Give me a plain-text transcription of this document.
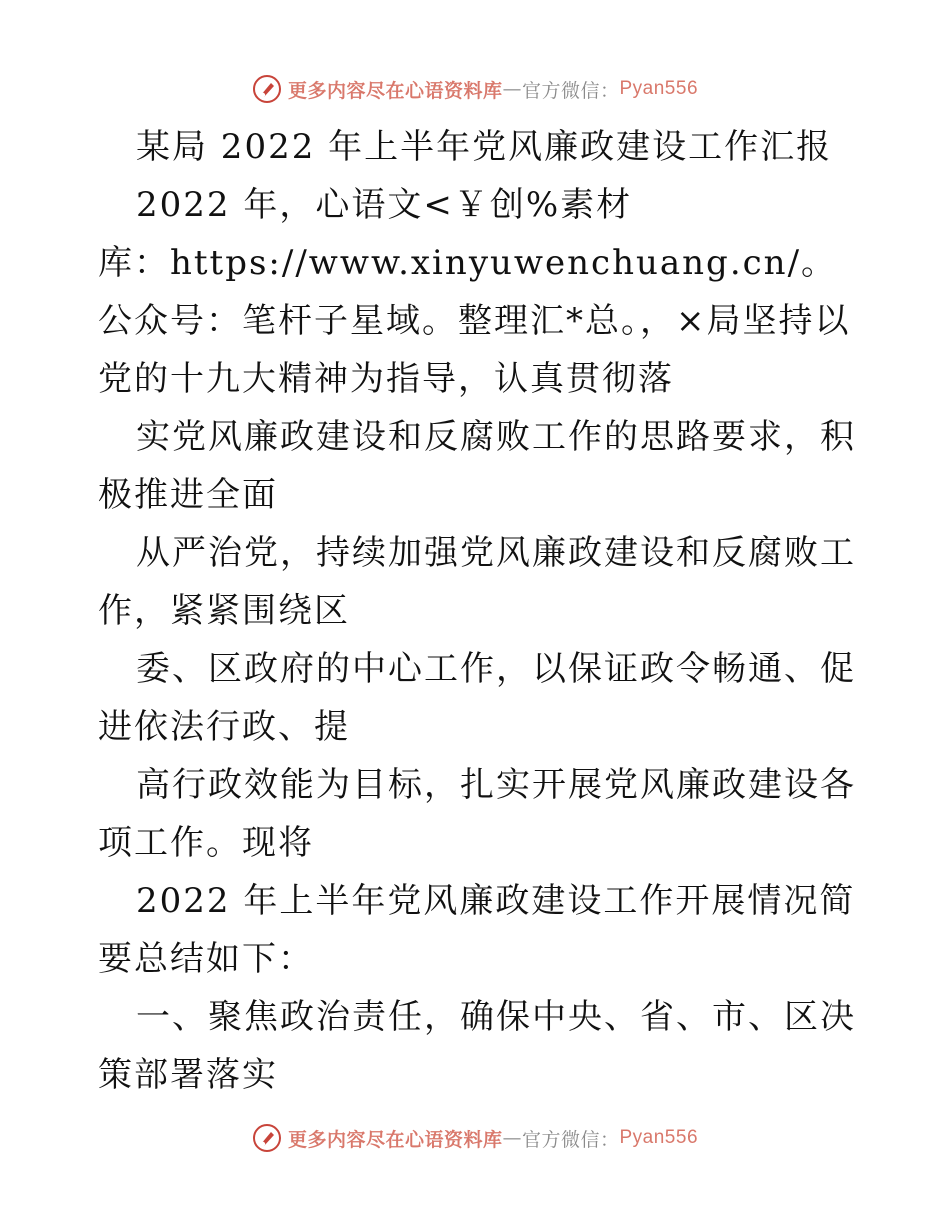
更多内容尽在心语资料库 — 官方微信： Pyan556

某局 2022 年上半年党风廉政建设工作汇报

2022 年，心语文<￥创%素材

库：https://www.xinyuwenchuang.cn/。公众号：笔杆子星域。整理汇*总。，×局坚持以党的十九大精神为指导，认真贯彻落

实党风廉政建设和反腐败工作的思路要求，积极推进全面

从严治党，持续加强党风廉政建设和反腐败工作，紧紧围绕区

委、区政府的中心工作，以保证政令畅通、促进依法行政、提

高行政效能为目标，扎实开展党风廉政建设各项工作。现将

2022 年上半年党风廉政建设工作开展情况简要总结如下：

一、聚焦政治责任，确保中央、省、市、区决策部署落实

更多内容尽在心语资料库 — 官方微信： Pyan556
